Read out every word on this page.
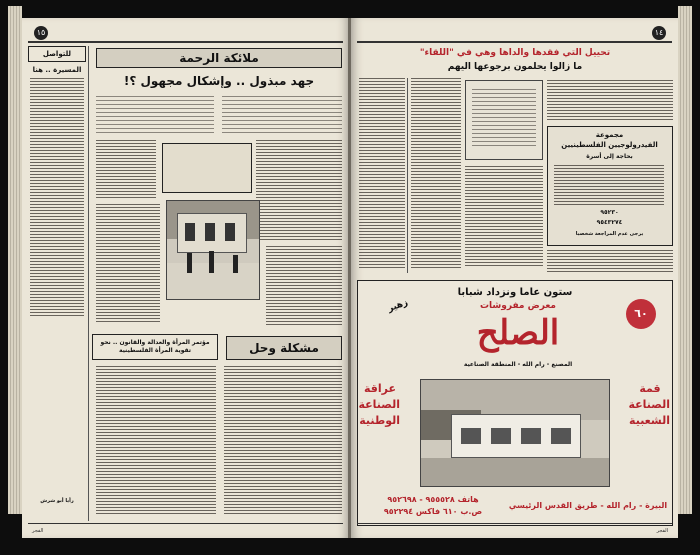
١٥
للتواصل
المسيرة .. هنا
ملائكة الرحمة
جهد مبذول .. وإشكال مجهول ؟!
مؤتمر المرأة والعدالة والقانون .. نحو تقوية المرأة الفلسطينية	مشكلة وحل
رأيا أبو شرش
الفجر
١٤
تحييل التي فقدها والداها وهي في "اللقاء"
ما زالوا يحلمون برجوعها اليهم
مجموعة
الفيدرولوجيين الفلسطينيين
بحاجة إلى أسرة
٩٥٢٣٠
٩٥٤٣٢٧٤
يرجى عدم المراجعة شخصيا
ستون عاما ونزداد شبابا
زهير	معرض مفروشات
الصلح	٦٠
المصنع - رام الله - المنطقة الصناعية
عراقة الصناعة الوطنية
قمة الصناعة الشعبية
هاتف ٩٥٥٥٢٨ - ٩٥٢٦٩٨
ص.ب ٦١٠ فاكس ٩٥٢٢٩٤
البيرة - رام الله - طريق القدس الرئيسي
الفجر
